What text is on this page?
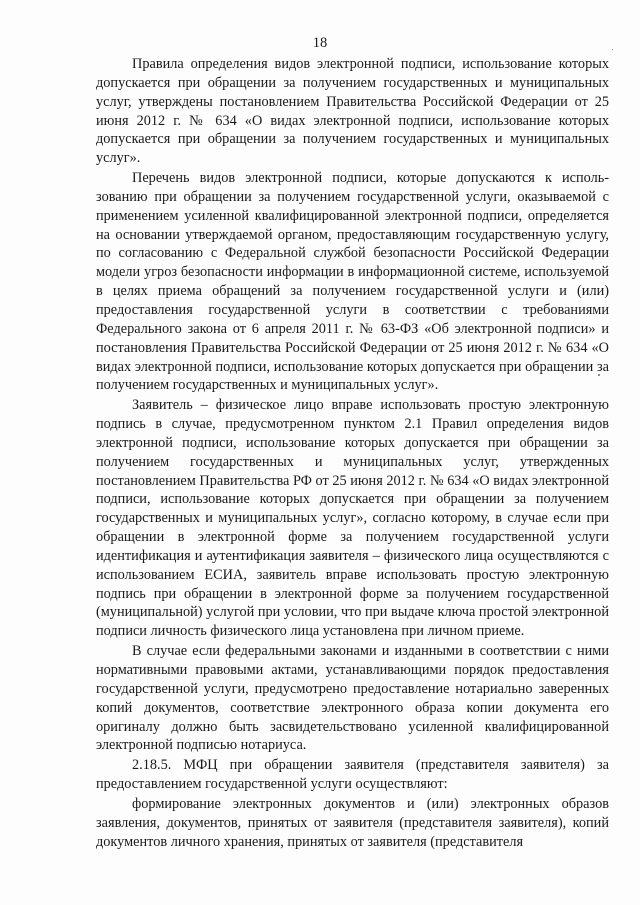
18

Правила определения видов электронной подписи, использование которых допускается при обращении за получением государственных и муниципальных услуг, утверждены постановлением Правительства Российской Федерации от 25 июня 2012 г. № 634 «О видах электронной подписи, использование которых допускается при обращении за получением государственных и муниципальных услуг».

Перечень видов электронной подписи, которые допускаются к использованию при обращении за получением государственной услуги, оказываемой с применением усиленной квалифицированной электронной подписи, определяется на основании утверждаемой органом, предоставляющим государственную услугу, по согласованию с Федеральной службой безопасности Российской Федерации модели угроз безопасности информации в информационной системе, используемой в целях приема обращений за получением государственной услуги и (или) предоставления государственной услуги в соответствии с требованиями Федерального закона от 6 апреля 2011 г. № 63-ФЗ «Об электронной подписи» и постановления Правительства Российской Федерации от 25 июня 2012 г. № 634 «О видах электронной подписи, использование которых допускается при обращении за получением государственных и муниципальных услуг».

Заявитель – физическое лицо вправе использовать простую электронную подпись в случае, предусмотренном пунктом 2.1 Правил определения видов электронной подписи, использование которых допускается при обращении за получением государственных и муниципальных услуг, утвержденных постановлением Правительства РФ от 25 июня 2012 г. № 634 «О видах электронной подписи, использование которых допускается при обращении за получением государственных и муниципальных услуг», согласно которому, в случае если при обращении в электронной форме за получением государственной услуги идентификация и аутентификация заявителя – физического лица осуществляются с использованием ЕСИА, заявитель вправе использовать простую электронную подпись при обращении в электронной форме за получением государственной (муниципальной) услугой при условии, что при выдаче ключа простой электронной подписи личность физического лица установлена при личном приеме.

В случае если федеральными законами и изданными в соответствии с ними нормативными правовыми актами, устанавливающими порядок предоставления государственной услуги, предусмотрено предоставление нотариально заверенных копий документов, соответствие электронного образа копии документа его оригиналу должно быть засвидетельствовано усиленной квалифицированной электронной подписью нотариуса.

2.18.5. МФЦ при обращении заявителя (представителя заявителя) за предоставлением государственной услуги осуществляют:

формирование электронных документов и (или) электронных образов заявления, документов, принятых от заявителя (представителя заявителя), копий документов личного хранения, принятых от заявителя (представителя
